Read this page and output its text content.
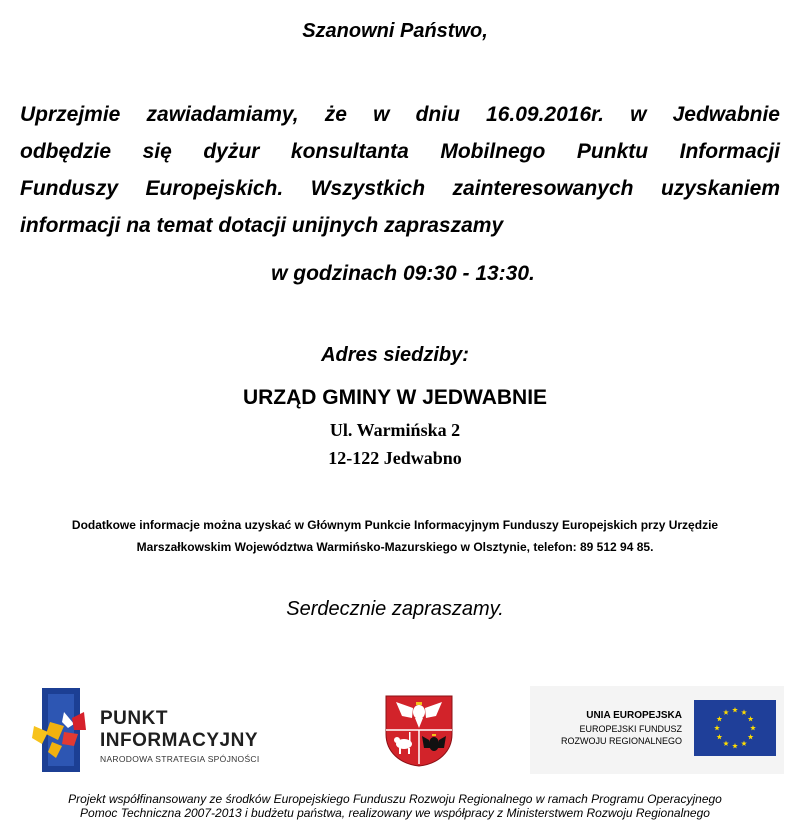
Szanowni Państwo,
Uprzejmie zawiadamiamy, że w dniu 16.09.2016r. w Jedwabnie
odbędzie się dyżur konsultanta Mobilnego Punktu Informacji
Funduszy Europejskich. Wszystkich zainteresowanych uzyskaniem
informacji na temat dotacji unijnych zapraszamy
w godzinach 09:30 - 13:30.
Adres siedziby:
URZĄD GMINY W JEDWABNIE
Ul. Warmińska 2
12-122 Jedwabno
Dodatkowe informacje można uzyskać w Głównym Punkcie Informacyjnym Funduszy Europejskich przy Urzędzie
Marszałkowskim Województwa Warmińsko-Mazurskiego w Olsztynie, telefon: 89 512 94 85.
Serdecznie zapraszamy.
PUNKT
INFORMACYJNY
NARODOWA STRATEGIA SPÓJNOŚCI
UNIA EUROPEJSKA
EUROPEJSKI FUNDUSZ
ROZWOJU REGIONALNEGO
Projekt współfinansowany ze środków Europejskiego Funduszu Rozwoju Regionalnego w ramach Programu Operacyjnego
Pomoc Techniczna 2007-2013 i budżetu państwa, realizowany we współpracy z Ministerstwem Rozwoju Regionalnego
